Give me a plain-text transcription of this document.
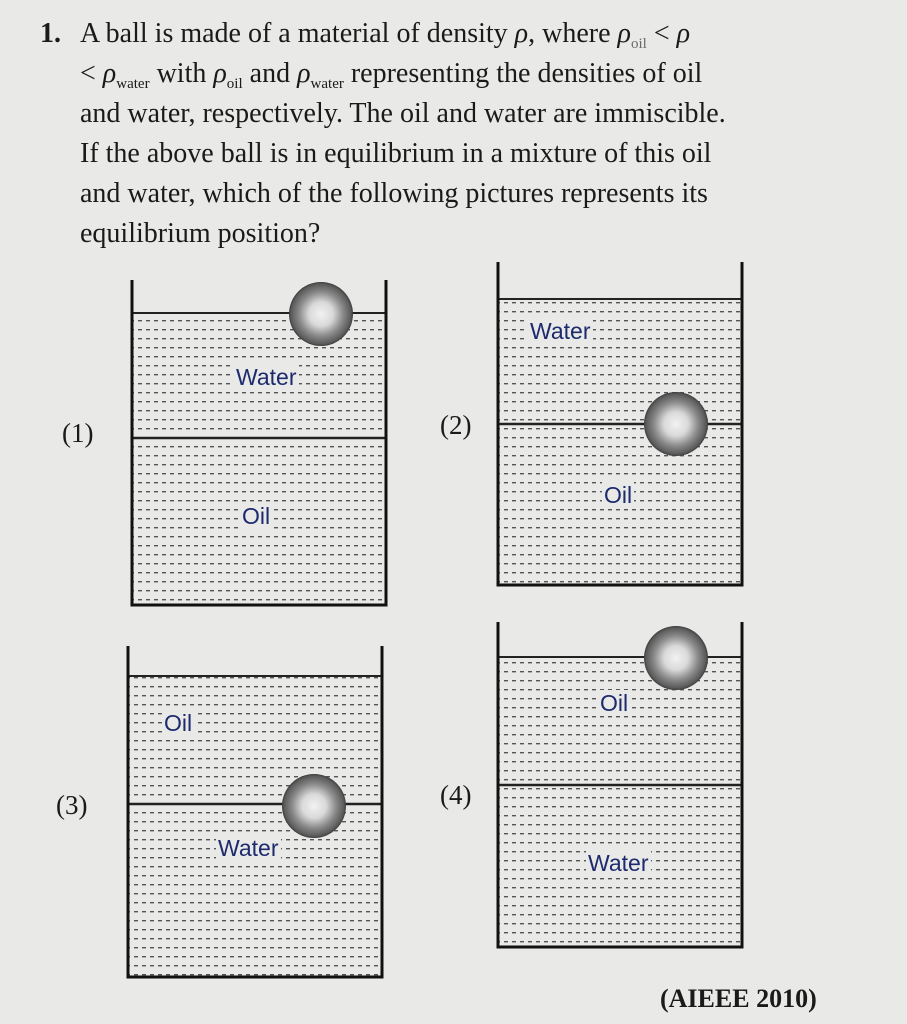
1. A ball is made of a material of density ρ, where $\rho_{oil} < \rho$
< $\rho_{water}$ with $\rho_{oil}$ and $\rho_{water}$ representing the densities of oil
and water, respectively. The oil and water are immiscible.
If the above ball is in equilibrium in a mixture of this oil
and water, which of the following pictures represents its
equilibrium position?
(1)
Water
Oil
(2)
Water
Oil
(3)
Oil
Water
(4)
Oil
Water
(AIEEE 2010)
